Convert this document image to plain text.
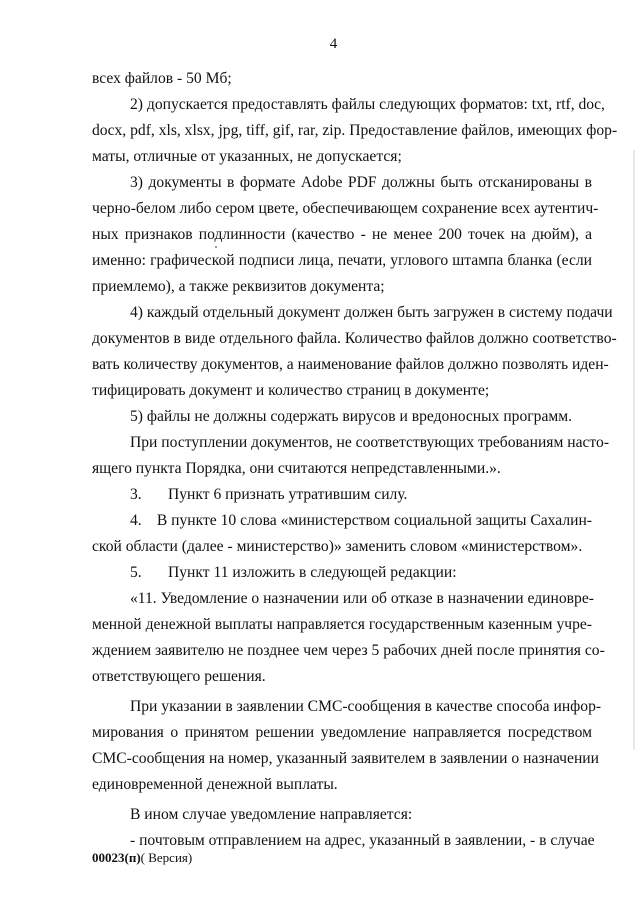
4
всех файлов - 50 Мб;
2) допускается предоставлять файлы следующих форматов: txt, rtf, doc,
docx, pdf, xls, xlsx, jpg, tiff, gif, rar, zip. Предоставление файлов, имеющих фор-
маты, отличные от указанных, не допускается;
3) документы в формате Adobe PDF должны быть отсканированы в
черно-белом либо сером цвете, обеспечивающем сохранение всех аутентич-
ных признаков подлинности (качество - не менее 200 точек на дюйм), а
именно: графической подписи лица, печати, углового штампа бланка (если
приемлемо), а также реквизитов документа;
4) каждый отдельный документ должен быть загружен в систему подачи
документов в виде отдельного файла. Количество файлов должно соответство-
вать количеству документов, а наименование файлов должно позволять иден-
тифицировать документ и количество страниц в документе;
5) файлы не должны содержать вирусов и вредоносных программ.
При поступлении документов, не соответствующих требованиям насто-
ящего пункта Порядка, они считаются непредставленными.».
3. Пункт 6 признать утратившим силу.
4. В пункте 10 слова «министерством социальной защиты Сахалин-
ской области (далее - министерство)» заменить словом «министерством».
5. Пункт 11 изложить в следующей редакции:
«11. Уведомление о назначении или об отказе в назначении единовре-
менной денежной выплаты направляется государственным казенным учре-
ждением заявителю не позднее чем через 5 рабочих дней после принятия со-
ответствующего решения.
При указании в заявлении СМС-сообщения в качестве способа инфор-
мирования о принятом решении уведомление направляется посредством
СМС-сообщения на номер, указанный заявителем в заявлении о назначении
единовременной денежной выплаты.
В ином случае уведомление направляется:
- почтовым отправлением на адрес, указанный в заявлении, - в случае
00023(п)( Версия)
